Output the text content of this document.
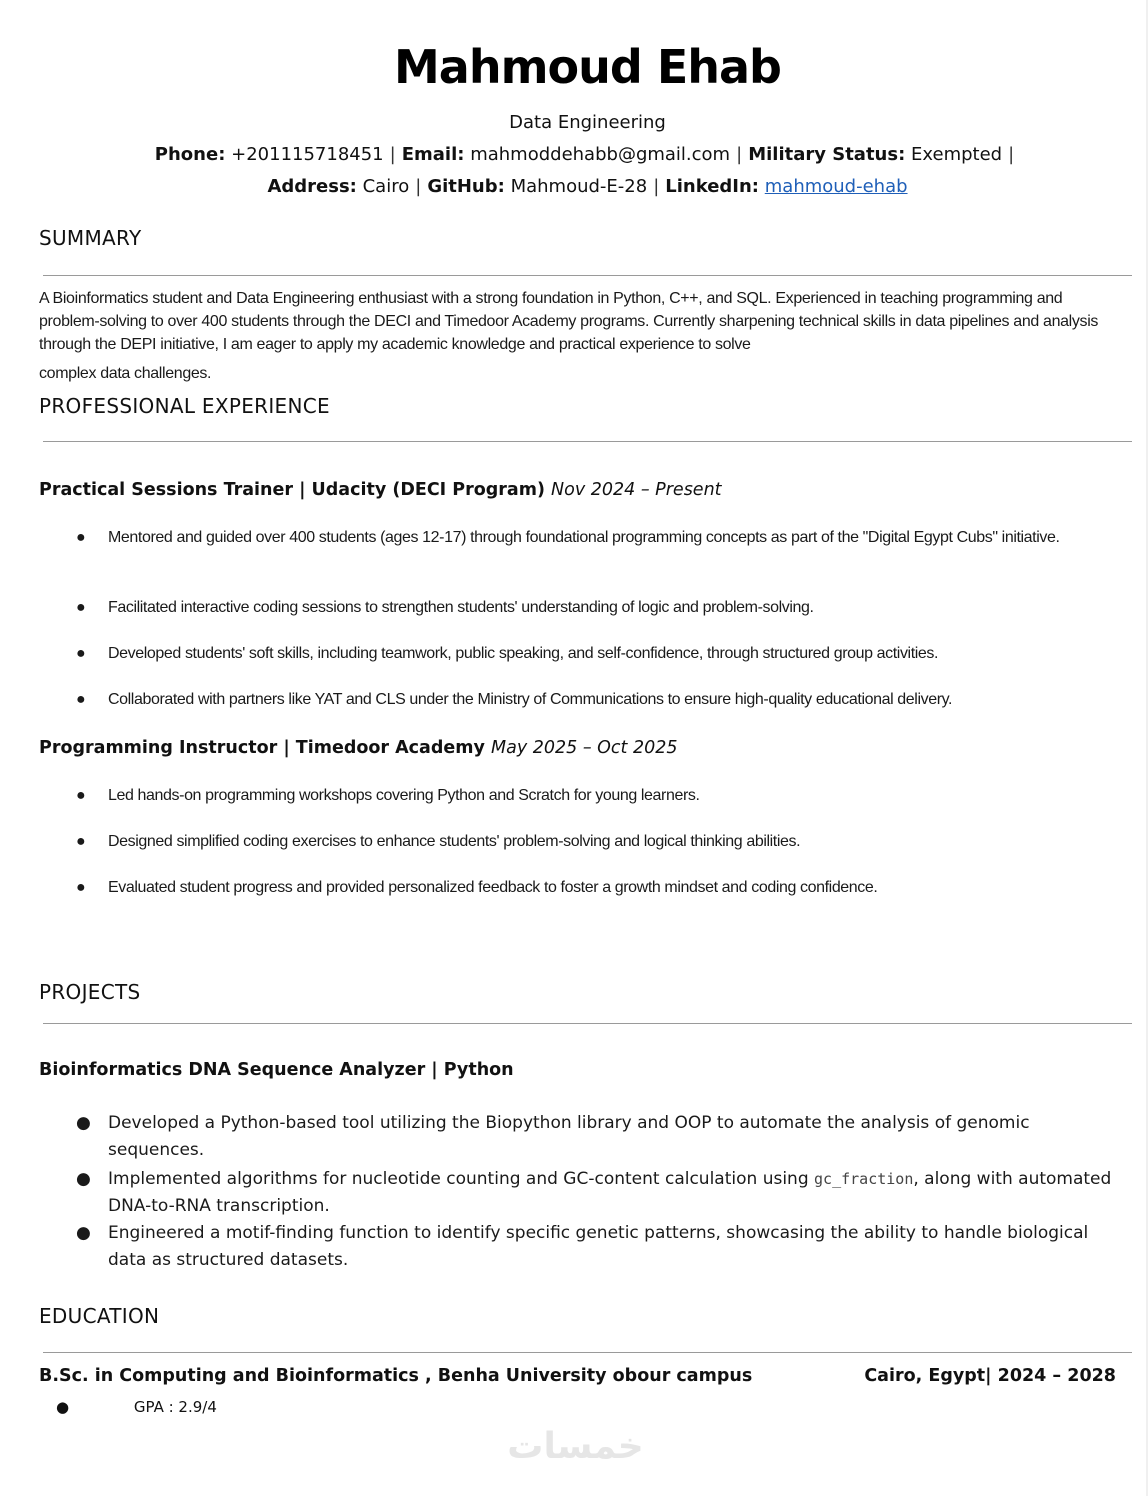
Mahmoud Ehab
Data Engineering
Phone: +201115718451 | Email: mahmoddehabb@gmail.com | Military Status: Exempted |
Address: Cairo | GitHub: Mahmoud-E-28 | LinkedIn: mahmoud-ehab
SUMMARY
A Bioinformatics student and Data Engineering enthusiast with a strong foundation in Python, C++, and SQL. Experienced in teaching programming and problem-solving to over 400 students through the DECI and Timedoor Academy programs. Currently sharpening technical skills in data pipelines and analysis through the DEPI initiative, I am eager to apply my academic knowledge and practical experience to solve
complex data challenges.
PROFESSIONAL EXPERIENCE
Practical Sessions Trainer | Udacity (DECI Program) Nov 2024 – Present
● Mentored and guided over 400 students (ages 12-17) through foundational programming concepts as part of the "Digital Egypt Cubs" initiative.
● Facilitated interactive coding sessions to strengthen students' understanding of logic and problem-solving.
● Developed students' soft skills, including teamwork, public speaking, and self-confidence, through structured group activities.
● Collaborated with partners like YAT and CLS under the Ministry of Communications to ensure high-quality educational delivery.
Programming Instructor | Timedoor Academy May 2025 – Oct 2025
● Led hands-on programming workshops covering Python and Scratch for young learners.
● Designed simplified coding exercises to enhance students' problem-solving and logical thinking abilities.
● Evaluated student progress and provided personalized feedback to foster a growth mindset and coding confidence.
PROJECTS
Bioinformatics DNA Sequence Analyzer | Python
● Developed a Python-based tool utilizing the Biopython library and OOP to automate the analysis of genomic sequences.
● Implemented algorithms for nucleotide counting and GC-content calculation using gc_fraction, along with automated DNA-to-RNA transcription.
● Engineered a motif-finding function to identify specific genetic patterns, showcasing the ability to handle biological data as structured datasets.
EDUCATION
B.Sc. in Computing and Bioinformatics , Benha University obour campus	Cairo, Egypt| 2024 – 2028
●	GPA : 2.9/4
خمسات
